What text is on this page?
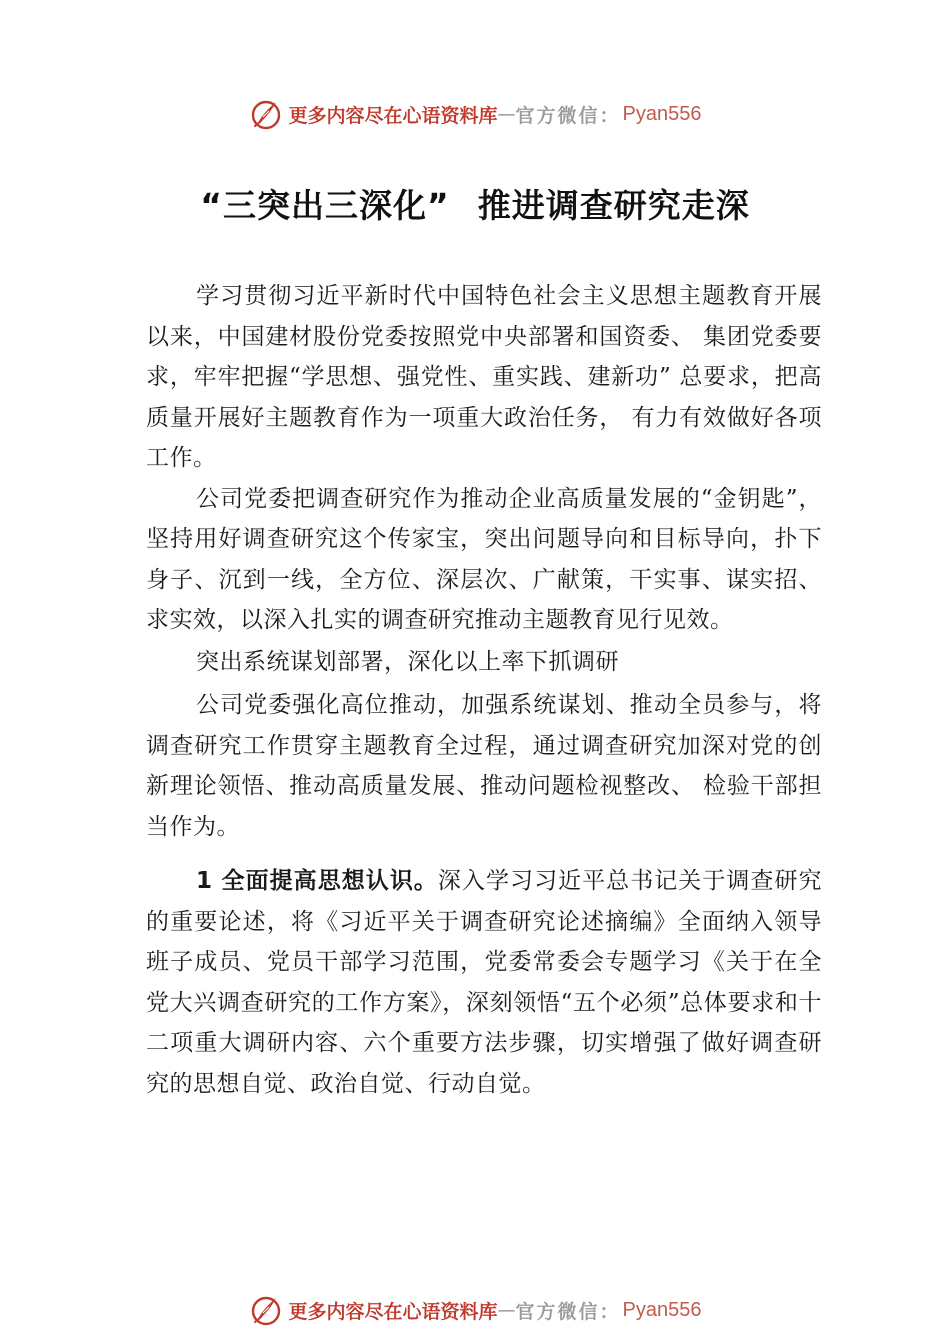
更多内容尽在心语资料库 — 官方微信： Pyan556
“三突出三深化” 推进调查研究走深

学习贯彻习近平新时代中国特色社会主义思想主题教育开展以来，中国建材股份党委按照党中央部署和国资委、 集团党委要求，牢牢把握“学思想、强党性、重实践、建新功” 总要求，把高质量开展好主题教育作为一项重大政治任务， 有力有效做好各项工作。

公司党委把调查研究作为推动企业高质量发展的“金钥匙”，坚持用好调查研究这个传家宝，突出问题导向和目标导向，扑下身子、沉到一线，全方位、深层次、广献策，干实事、谋实招、求实效，以深入扎实的调查研究推动主题教育见行见效。

突出系统谋划部署，深化以上率下抓调研

公司党委强化高位推动，加强系统谋划、推动全员参与，将调查研究工作贯穿主题教育全过程，通过调查研究加深对党的创新理论领悟、推动高质量发展、推动问题检视整改、 检验干部担当作为。

1 全面提高思想认识。深入学习习近平总书记关于调查研究的重要论述，将《习近平关于调查研究论述摘编》全面纳入领导班子成员、党员干部学习范围，党委常委会专题学习《关于在全党大兴调查研究的工作方案》，深刻领悟“五个必须”总体要求和十二项重大调研内容、六个重要方法步骤，切实增强了做好调查研究的思想自觉、政治自觉、行动自觉。

更多内容尽在心语资料库 — 官方微信： Pyan556
